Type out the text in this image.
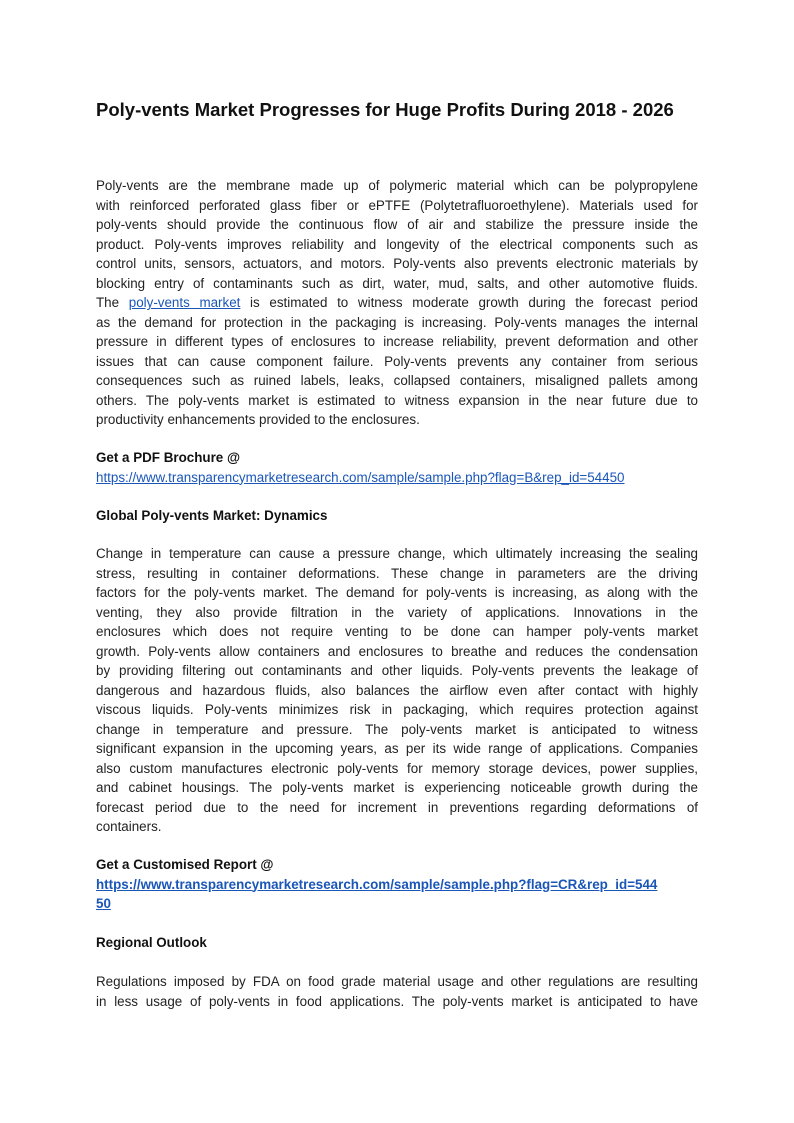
Poly-vents Market Progresses for Huge Profits During 2018 - 2026

Poly-vents are the membrane made up of polymeric material which can be polypropylene
with reinforced perforated glass fiber or ePTFE (Polytetrafluoroethylene). Materials used for
poly-vents should provide the continuous flow of air and stabilize the pressure inside the
product. Poly-vents improves reliability and longevity of the electrical components such as
control units, sensors, actuators, and motors. Poly-vents also prevents electronic materials by
blocking entry of contaminants such as dirt, water, mud, salts, and other automotive fluids.
The poly-vents market is estimated to witness moderate growth during the forecast period
as the demand for protection in the packaging is increasing. Poly-vents manages the internal
pressure in different types of enclosures to increase reliability, prevent deformation and other
issues that can cause component failure. Poly-vents prevents any container from serious
consequences such as ruined labels, leaks, collapsed containers, misaligned pallets among
others. The poly-vents market is estimated to witness expansion in the near future due to
productivity enhancements provided to the enclosures.

Get a PDF Brochure @

https://www.transparencymarketresearch.com/sample/sample.php?flag=B&rep_id=54450

Global Poly-vents Market: Dynamics

Change in temperature can cause a pressure change, which ultimately increasing the sealing
stress, resulting in container deformations. These change in parameters are the driving
factors for the poly-vents market. The demand for poly-vents is increasing, as along with the
venting, they also provide filtration in the variety of applications. Innovations in the
enclosures which does not require venting to be done can hamper poly-vents market
growth. Poly-vents allow containers and enclosures to breathe and reduces the condensation
by providing filtering out contaminants and other liquids. Poly-vents prevents the leakage of
dangerous and hazardous fluids, also balances the airflow even after contact with highly
viscous liquids. Poly-vents minimizes risk in packaging, which requires protection against
change in temperature and pressure. The poly-vents market is anticipated to witness
significant expansion in the upcoming years, as per its wide range of applications. Companies
also custom manufactures electronic poly-vents for memory storage devices, power supplies,
and cabinet housings. The poly-vents market is experiencing noticeable growth during the
forecast period due to the need for increment in preventions regarding deformations of
containers.

Get a Customised Report @

https://www.transparencymarketresearch.com/sample/sample.php?flag=CR&rep_id=544
50

Regional Outlook

Regulations imposed by FDA on food grade material usage and other regulations are resulting
in less usage of poly-vents in food applications. The poly-vents market is anticipated to have
